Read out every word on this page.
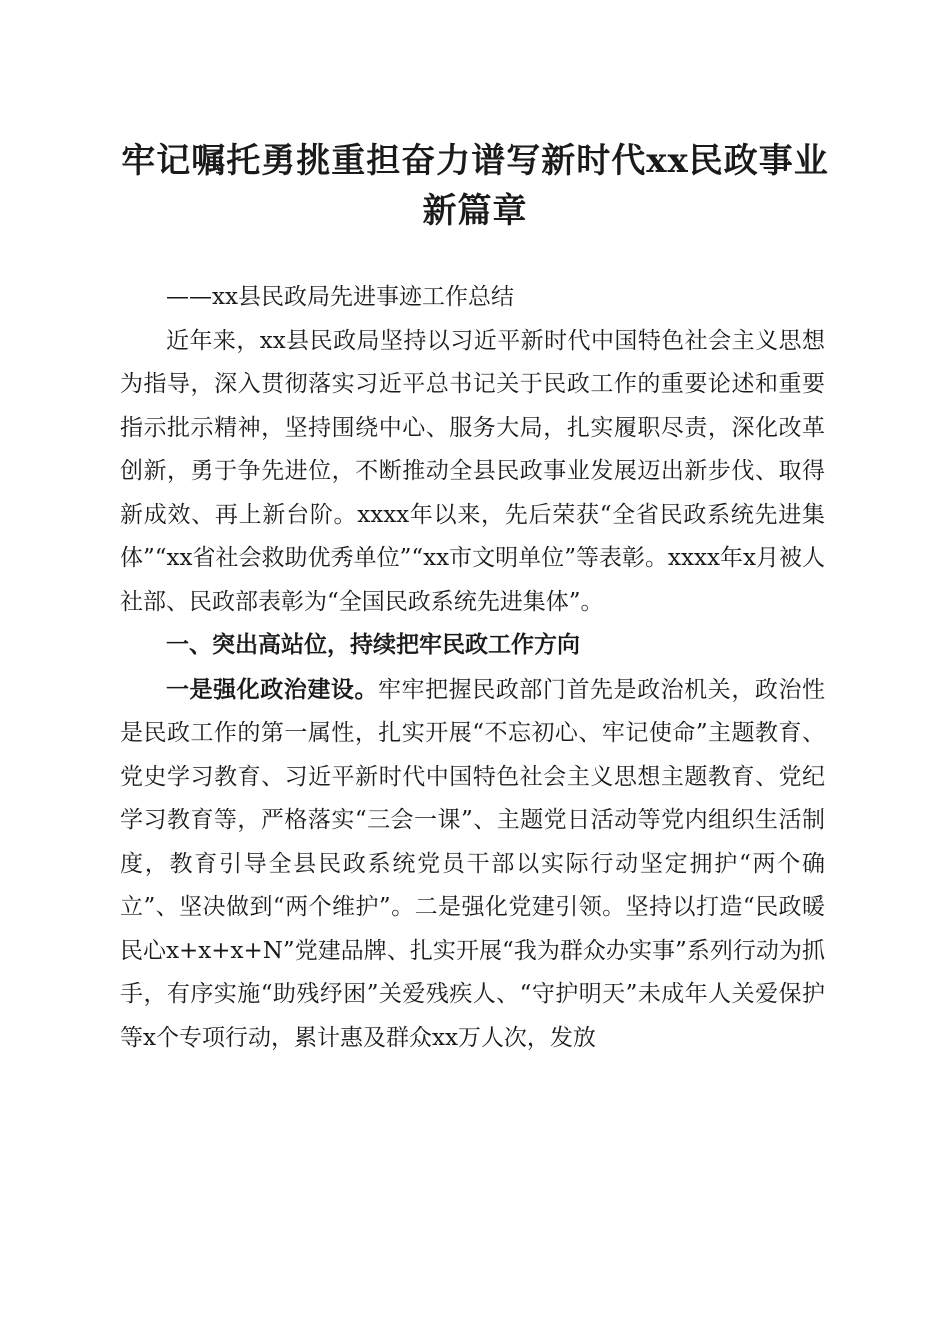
牢记嘱托勇挑重担奋力谱写新时代xx民政事业新篇章

——xx县民政局先进事迹工作总结

近年来，xx县民政局坚持以习近平新时代中国特色社会主义思想为指导，深入贯彻落实习近平总书记关于民政工作的重要论述和重要指示批示精神，坚持围绕中心、服务大局，扎实履职尽责，深化改革创新，勇于争先进位，不断推动全县民政事业发展迈出新步伐、取得新成效、再上新台阶。xxxx年以来，先后荣获“全省民政系统先进集体”“xx省社会救助优秀单位”“xx市文明单位”等表彰。xxxx年x月被人社部、民政部表彰为“全国民政系统先进集体”。

一、突出高站位，持续把牢民政工作方向

一是强化政治建设。牢牢把握民政部门首先是政治机关，政治性是民政工作的第一属性，扎实开展“不忘初心、牢记使命”主题教育、党史学习教育、习近平新时代中国特色社会主义思想主题教育、党纪学习教育等，严格落实“三会一课”、主题党日活动等党内组织生活制度，教育引导全县民政系统党员干部以实际行动坚定拥护“两个确立”、坚决做到“两个维护”。二是强化党建引领。坚持以打造“民政暖民心x+x+x+N”党建品牌、扎实开展“我为群众办实事”系列行动为抓手，有序实施“助残纾困”关爱残疾人、“守护明天”未成年人关爱保护等x个专项行动，累计惠及群众xx万人次，发放
